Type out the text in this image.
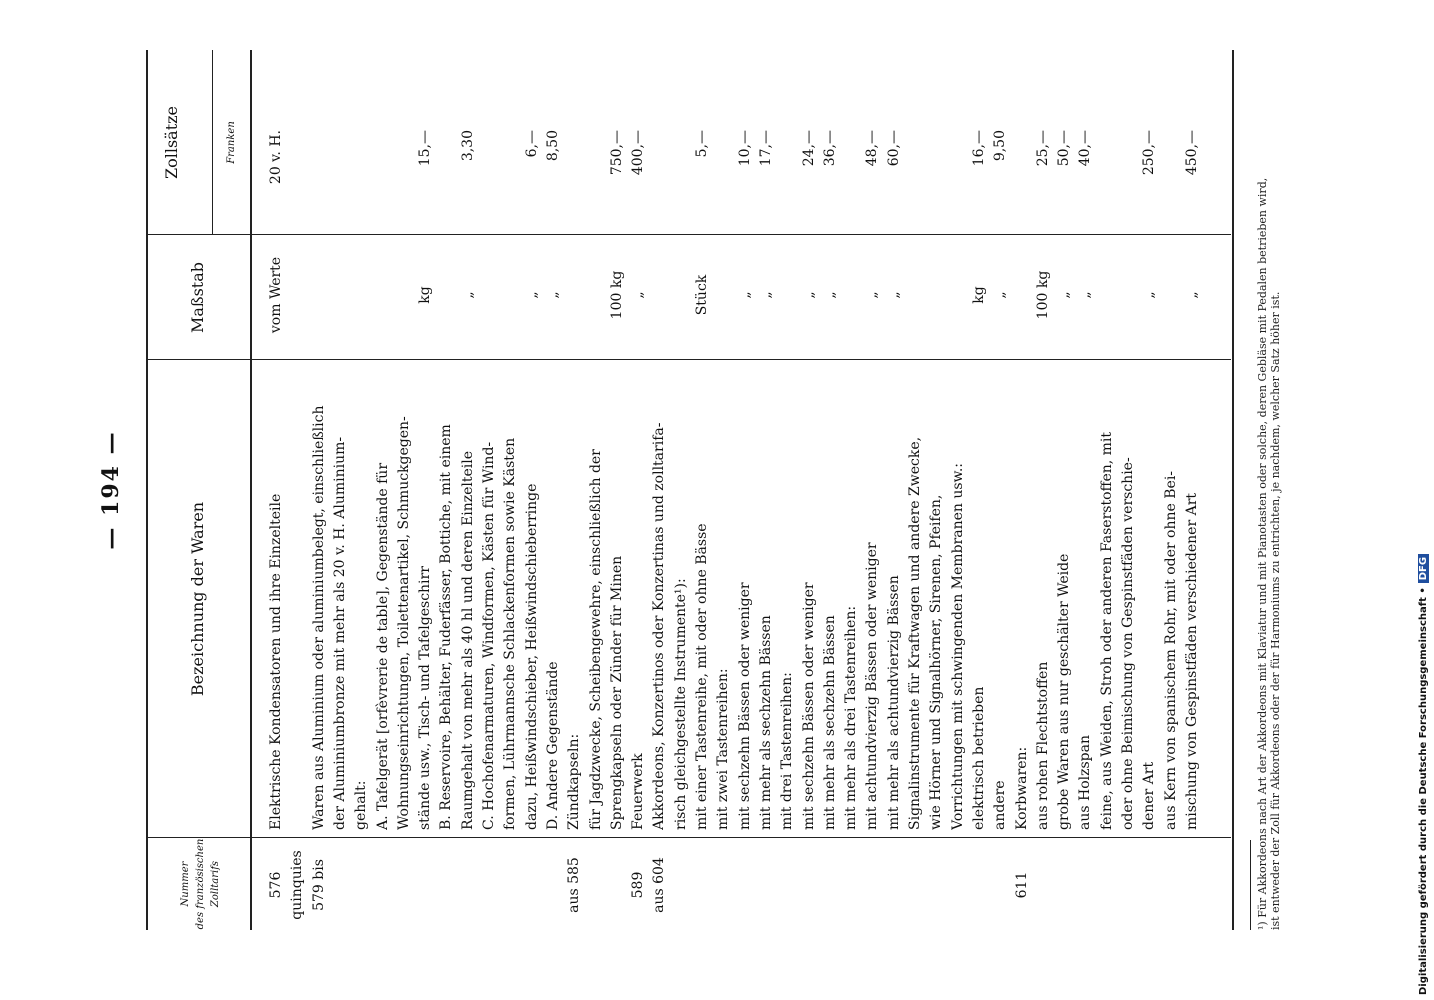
— 194 —
Nummer des französischen Zolltarifs
Bezeichnung der Waren
Maßstab
Zollsätze	Franken
576
Elektrische Kondensatoren und ihre Einzelteile
vom Werte
20 v. H.
quinquies 579 bis
Waren aus Aluminium oder aluminiumbelegt, einschließlich der Aluminiumbronze mit mehr als 20 v. H. Aluminium- gehalt: A. Tafelgerät [orfèvrerie de table], Gegenstände für Wohnungseinrichtungen, Toilettenartikel, Schmuckgegen- stände usw., Tisch- und Tafelgeschirr
kg
15,—
B. Reservoire, Behälter, Fuderfässer, Bottiche, mit einem Raumgehalt von mehr als 40 hl und deren Einzelteile
„
3,30
C. Hochofenarmaturen, Windformen, Kästen für Wind- formen, Lührmannsche Schlackenformen sowie Kästen dazu, Heißwindschieber, Heißwindschieberringe
„
6,—
D. Andere Gegenstände
„
8,50
aus 585
Zündkapseln: für Jagdzwecke, Scheibengewehre, einschließlich der Sprengkapseln oder Zünder für Minen
100 kg
750,—
589
Feuerwerk
„
400,—
aus 604
Akkordeons, Konzertinos oder Konzertinas und zolltarifa- risch gleichgestellte Instrumente¹): mit einer Tastenreihe, mit oder ohne Bässe
Stück
5,—
mit zwei Tastenreihen: mit sechzehn Bässen oder weniger
„
10,—
mit mehr als sechzehn Bässen
„
17,—
mit drei Tastenreihen: mit sechzehn Bässen oder weniger
„
24,—
mit mehr als sechzehn Bässen
„
36,—
mit mehr als drei Tastenreihen: mit achtundvierzig Bässen oder weniger
„
48,—
mit mehr als achtundvierzig Bässen
„
60,—
Signalinstrumente für Kraftwagen und andere Zwecke, wie Hörner und Signalhörner, Sirenen, Pfeifen, Vorrichtungen mit schwingenden Membranen usw.: elektrisch betrieben
kg
16,—
andere
„
9,50
611
Korbwaren: aus rohen Flechtstoffen
100 kg
25,—
grobe Waren aus nur geschälter Weide
„
50,—
aus Holzspan
„
40,—
feine, aus Weiden, Stroh oder anderen Faserstoffen, mit oder ohne Beimischung von Gespinstfäden verschie- dener Art
„
250,—
aus Kern von spanischem Rohr, mit oder ohne Bei- mischung von Gespinstfäden verschiedener Art
„
450,—
¹) Für Akkordeons nach Art der Akkordeons mit Klaviatur und mit Pianotasten oder solche, deren Gebläse mit Pedalen betrieben wird, ist entweder der Zoll für Akkordeons oder der für Harmoniums zu entrichten, je nachdem, welcher Satz höher ist.	Digitalisierung gefördert durch die Deutsche Forschungsgemeinschaft •DFG
